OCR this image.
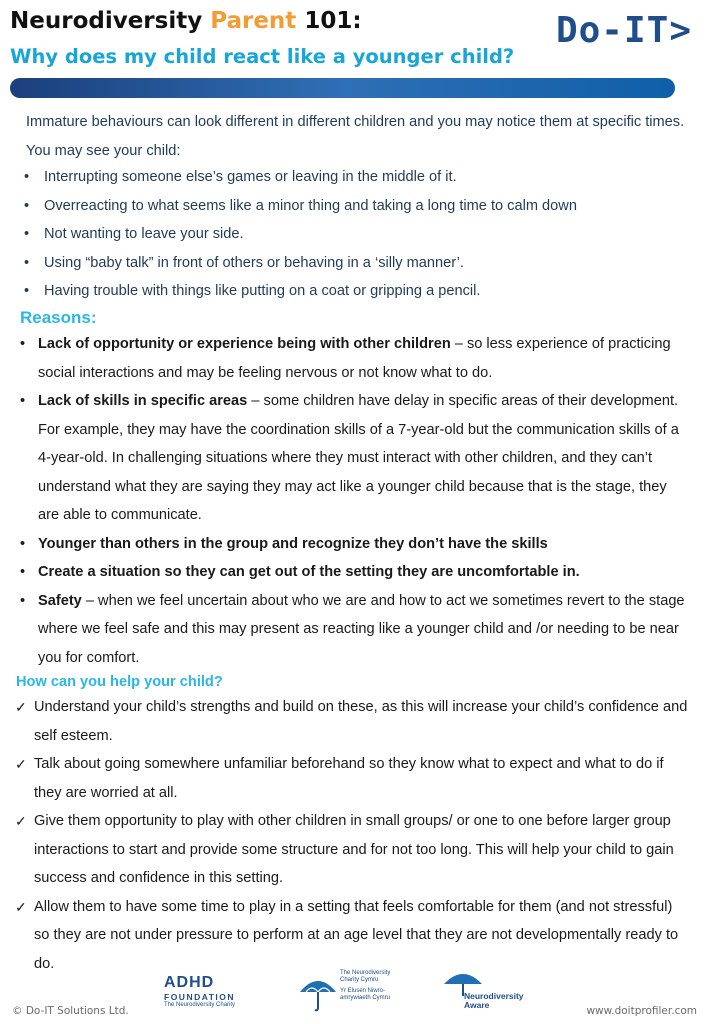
Neurodiversity Parent 101:
Why does my child react like a younger child?
Do-IT>
Immature behaviours can look different in different children and you may notice them at specific times. You may see your child:
• Interrupting someone else’s games or leaving in the middle of it.
• Overreacting to what seems like a minor thing and taking a long time to calm down
• Not wanting to leave your side.
• Using “baby talk” in front of others or behaving in a ‘silly manner’.
• Having trouble with things like putting on a coat or gripping a pencil.
Reasons:
• Lack of opportunity or experience being with other children – so less experience of practicing social interactions and may be feeling nervous or not know what to do.
• Lack of skills in specific areas – some children have delay in specific areas of their development. For example, they may have the coordination skills of a 7-year-old but the communication skills of a 4-year-old. In challenging situations where they must interact with other children, and they can’t understand what they are saying they may act like a younger child because that is the stage, they are able to communicate.
• Younger than others in the group and recognize they don’t have the skills
• Create a situation so they can get out of the setting they are uncomfortable in.
• Safety – when we feel uncertain about who we are and how to act we sometimes revert to the stage where we feel safe and this may present as reacting like a younger child and /or needing to be near you for comfort.
How can you help your child?
✓ Understand your child’s strengths and build on these, as this will increase your child’s confidence and self esteem.
✓ Talk about going somewhere unfamiliar beforehand so they know what to expect and what to do if they are worried at all.
✓ Give them opportunity to play with other children in small groups/ or one to one before larger group interactions to start and provide some structure and for not too long. This will help your child to gain success and confidence in this setting.
✓ Allow them to have some time to play in a setting that feels comfortable for them (and not stressful) so they are not under pressure to perform at an age level that they are not developmentally ready to do.
© Do-IT Solutions Ltd.	www.doitprofiler.com
ADHD
FOUNDATION
The Neurodiversity Charity
The Neurodiversity Charity Cymru
Yr Elusen Niwro-amrywiaeth Cymru	Neurodiversity Aware
